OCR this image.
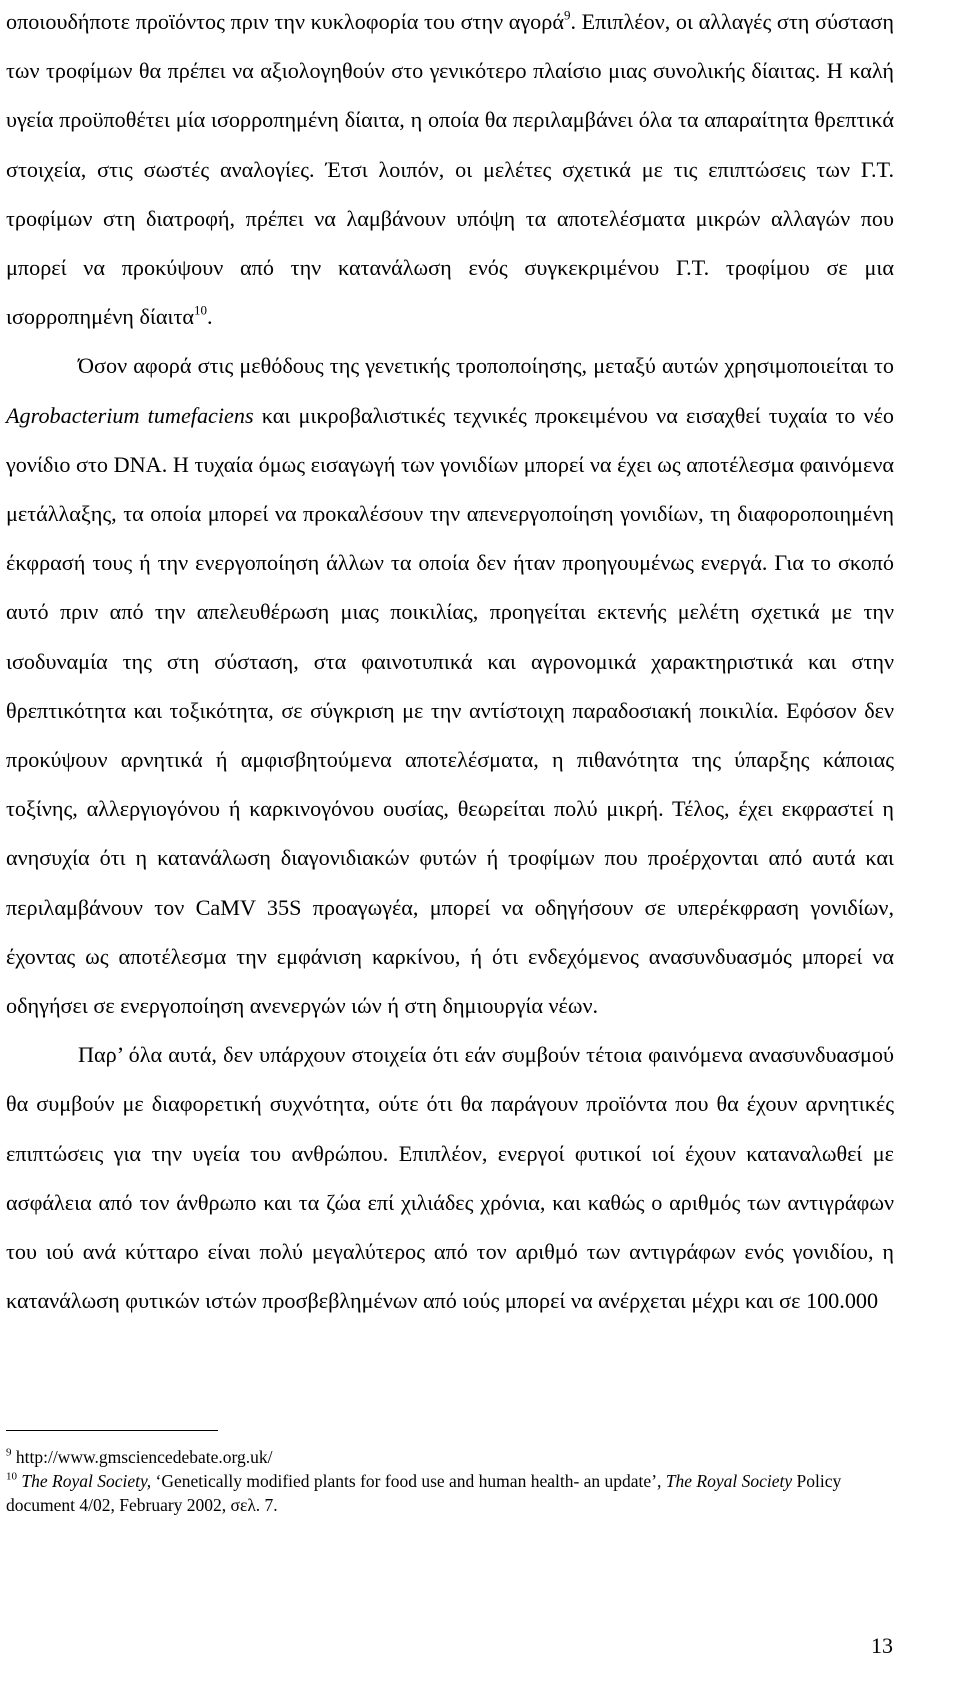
οποιουδήποτε προϊόντος πριν την κυκλοφορία του στην αγορά$^9$. Επιπλέον, οι αλλαγές στη σύσταση των τροφίμων θα πρέπει να αξιολογηθούν στο γενικότερο πλαίσιο μιας συνολικής δίαιτας. Η καλή υγεία προϋποθέτει μία ισορροπημένη δίαιτα, η οποία θα περιλαμβάνει όλα τα απαραίτητα θρεπτικά στοιχεία, στις σωστές αναλογίες. Έτσι λοιπόν, οι μελέτες σχετικά με τις επιπτώσεις των Γ.Τ. τροφίμων στη διατροφή, πρέπει να λαμβάνουν υπόψη τα αποτελέσματα μικρών αλλαγών που μπορεί να προκύψουν από την κατανάλωση ενός συγκεκριμένου Γ.Τ. τροφίμου σε μια ισορροπημένη δίαιτα$^{10}$.

Όσον αφορά στις μεθόδους της γενετικής τροποποίησης, μεταξύ αυτών χρησιμοποιείται το Agrobacterium tumefaciens και μικροβαλιστικές τεχνικές προκειμένου να εισαχθεί τυχαία το νέο γονίδιο στο DNA. Η τυχαία όμως εισαγωγή των γονιδίων μπορεί να έχει ως αποτέλεσμα φαινόμενα μετάλλαξης, τα οποία μπορεί να προκαλέσουν την απενεργοποίηση γονιδίων, τη διαφοροποιημένη έκφρασή τους ή την ενεργοποίηση άλλων τα οποία δεν ήταν προηγουμένως ενεργά. Για το σκοπό αυτό πριν από την απελευθέρωση μιας ποικιλίας, προηγείται εκτενής μελέτη σχετικά με την ισοδυναμία της στη σύσταση, στα φαινοτυπικά και αγρονομικά χαρακτηριστικά και στην θρεπτικότητα και τοξικότητα, σε σύγκριση με την αντίστοιχη παραδοσιακή ποικιλία. Εφόσον δεν προκύψουν αρνητικά ή αμφισβητούμενα αποτελέσματα, η πιθανότητα της ύπαρξης κάποιας τοξίνης, αλλεργιογόνου ή καρκινογόνου ουσίας, θεωρείται πολύ μικρή. Τέλος, έχει εκφραστεί η ανησυχία ότι η κατανάλωση διαγονιδιακών φυτών ή τροφίμων που προέρχονται από αυτά και περιλαμβάνουν τον CaMV 35S προαγωγέα, μπορεί να οδηγήσουν σε υπερέκφραση γονιδίων, έχοντας ως αποτέλεσμα την εμφάνιση καρκίνου, ή ότι ενδεχόμενος ανασυνδυασμός μπορεί να οδηγήσει σε ενεργοποίηση ανενεργών ιών ή στη δημιουργία νέων.

Παρ’ όλα αυτά, δεν υπάρχουν στοιχεία ότι εάν συμβούν τέτοια φαινόμενα ανασυνδυασμού θα συμβούν με διαφορετική συχνότητα, ούτε ότι θα παράγουν προϊόντα που θα έχουν αρνητικές επιπτώσεις για την υγεία του ανθρώπου. Επιπλέον, ενεργοί φυτικοί ιοί έχουν καταναλωθεί με ασφάλεια από τον άνθρωπο και τα ζώα επί χιλιάδες χρόνια, και καθώς ο αριθμός των αντιγράφων του ιού ανά κύτταρο είναι πολύ μεγαλύτερος από τον αριθμό των αντιγράφων ενός γονιδίου, η κατανάλωση φυτικών ιστών προσβεβλημένων από ιούς μπορεί να ανέρχεται μέχρι και σε 100.000

$^9$ http://www.gmsciencedebate.org.uk/

$^{10}$ The Royal Society, ‘Genetically modified plants for food use and human health- an update’, The Royal Society Policy document 4/02, February 2002, σελ. 7.

13
